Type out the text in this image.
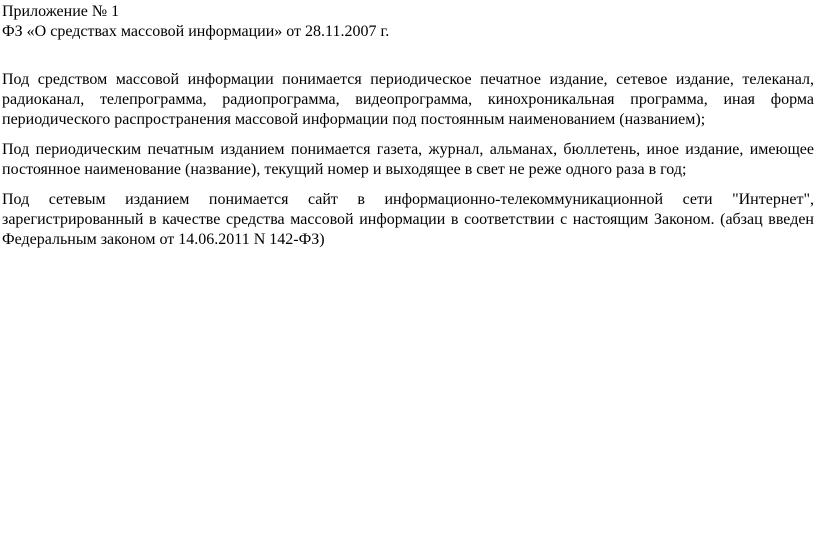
Приложение № 1
ФЗ «О средствах массовой информации» от 28.11.2007 г.

Под средством массовой информации понимается периодическое печатное издание, сетевое издание, телеканал, радиоканал, телепрограмма, радиопрограмма, видеопрограмма, кинохроникальная программа, иная форма периодического распространения массовой информации под постоянным наименованием (названием);

Под периодическим печатным изданием понимается газета, журнал, альманах, бюллетень, иное издание, имеющее постоянное наименование (название), текущий номер и выходящее в свет не реже одного раза в год;

Под сетевым изданием понимается сайт в информационно-телекоммуникационной сети "Интернет", зарегистрированный в качестве средства массовой информации в соответствии с настоящим Законом. (абзац введен Федеральным законом от 14.06.2011 N 142-ФЗ)
